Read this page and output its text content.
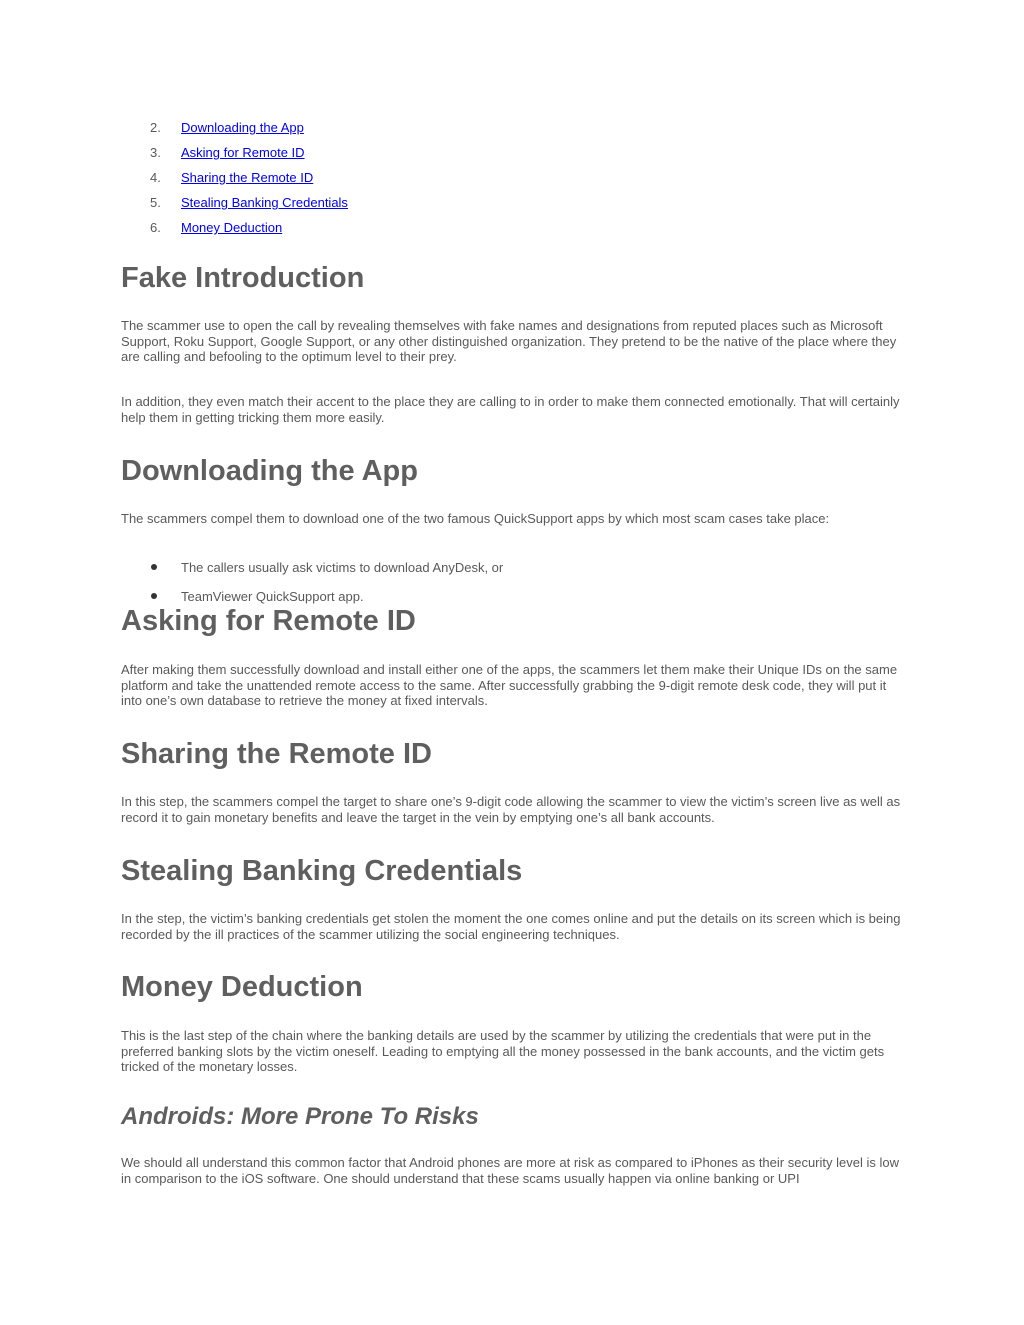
2. Downloading the App
3. Asking for Remote ID
4. Sharing the Remote ID
5. Stealing Banking Credentials
6. Money Deduction
Fake Introduction

The scammer use to open the call by revealing themselves with fake names and designations from reputed places such as Microsoft Support, Roku Support, Google Support, or any other distinguished organization. They pretend to be the native of the place where they are calling and befooling to the optimum level to their prey.

In addition, they even match their accent to the place they are calling to in order to make them connected emotionally. That will certainly help them in getting tricking them more easily.

Downloading the App

The scammers compel them to download one of the two famous QuickSupport apps by which most scam cases take place:

The callers usually ask victims to download AnyDesk, or
TeamViewer QuickSupport app.
Asking for Remote ID

After making them successfully download and install either one of the apps, the scammers let them make their Unique IDs on the same platform and take the unattended remote access to the same. After successfully grabbing the 9-digit remote desk code, they will put it into one’s own database to retrieve the money at fixed intervals.

Sharing the Remote ID

In this step, the scammers compel the target to share one’s 9-digit code allowing the scammer to view the victim’s screen live as well as record it to gain monetary benefits and leave the target in the vein by emptying one’s all bank accounts.

Stealing Banking Credentials

In the step, the victim’s banking credentials get stolen the moment the one comes online and put the details on its screen which is being recorded by the ill practices of the scammer utilizing the social engineering techniques.

Money Deduction

This is the last step of the chain where the banking details are used by the scammer by utilizing the credentials that were put in the preferred banking slots by the victim oneself. Leading to emptying all the money possessed in the bank accounts, and the victim gets tricked of the monetary losses.

Androids: More Prone To Risks

We should all understand this common factor that Android phones are more at risk as compared to iPhones as their security level is low in comparison to the iOS software. One should understand that these scams usually happen via online banking or UPI
